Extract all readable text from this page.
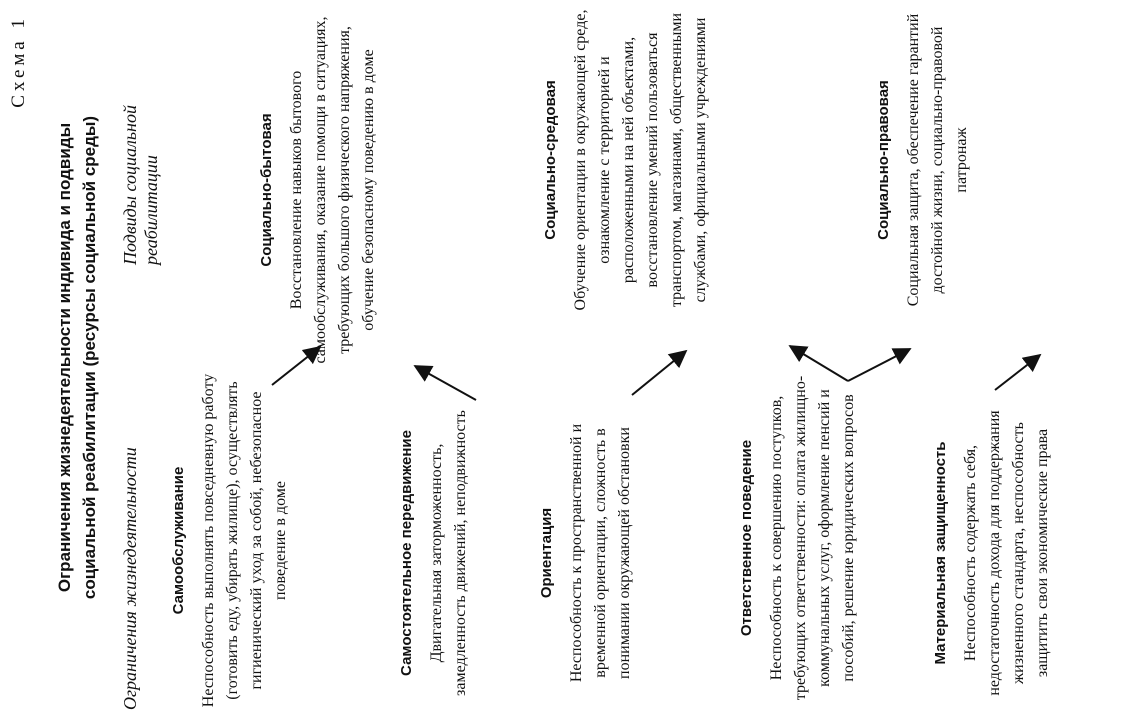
Схема 1
Ограничения жизнедеятельности индивида и подвиды социальной реабилитации (ресурсы социальной среды) Ограничения жизнедеятельности
Подвиды социальной реабилитации
Самообслуживание Неспособность выполнять повседневную работу (готовить еду, убирать жилище), осуществлять гигиенический уход за собой, небезопасное поведение в доме	Самостоятельное передвижение Двигательная заторможенность, замедленность движений, неподвижность	Ориентация Неспособность к пространственной и временной ориентации, сложность в понимании окружающей обстановки	Ответственное поведение Неспособность к совершению поступков, требующих ответственности: оплата жилищно-коммунальных услуг, оформление пенсий и пособий, решение юридических вопросов	Материальная защищенность Неспособность содержать себя, недостаточность дохода для поддержания жизненного стандарта, неспособность защитить свои экономические права
Социально-бытовая Восстановление навыков бытового самообслуживания, оказание помощи в ситуациях, требующих большого физического напряжения, обучение безопасному поведению в доме	Социально-средовая Обучение ориентации в окружающей среде, ознакомление с территорией и расположенными на ней объектами, восстановление умений пользоваться транспортом, магазинами, общественными службами, официальными учреждениями	Социально-правовая Социальная защита, обеспечение гарантий достойной жизни, социально-правовой патронаж
